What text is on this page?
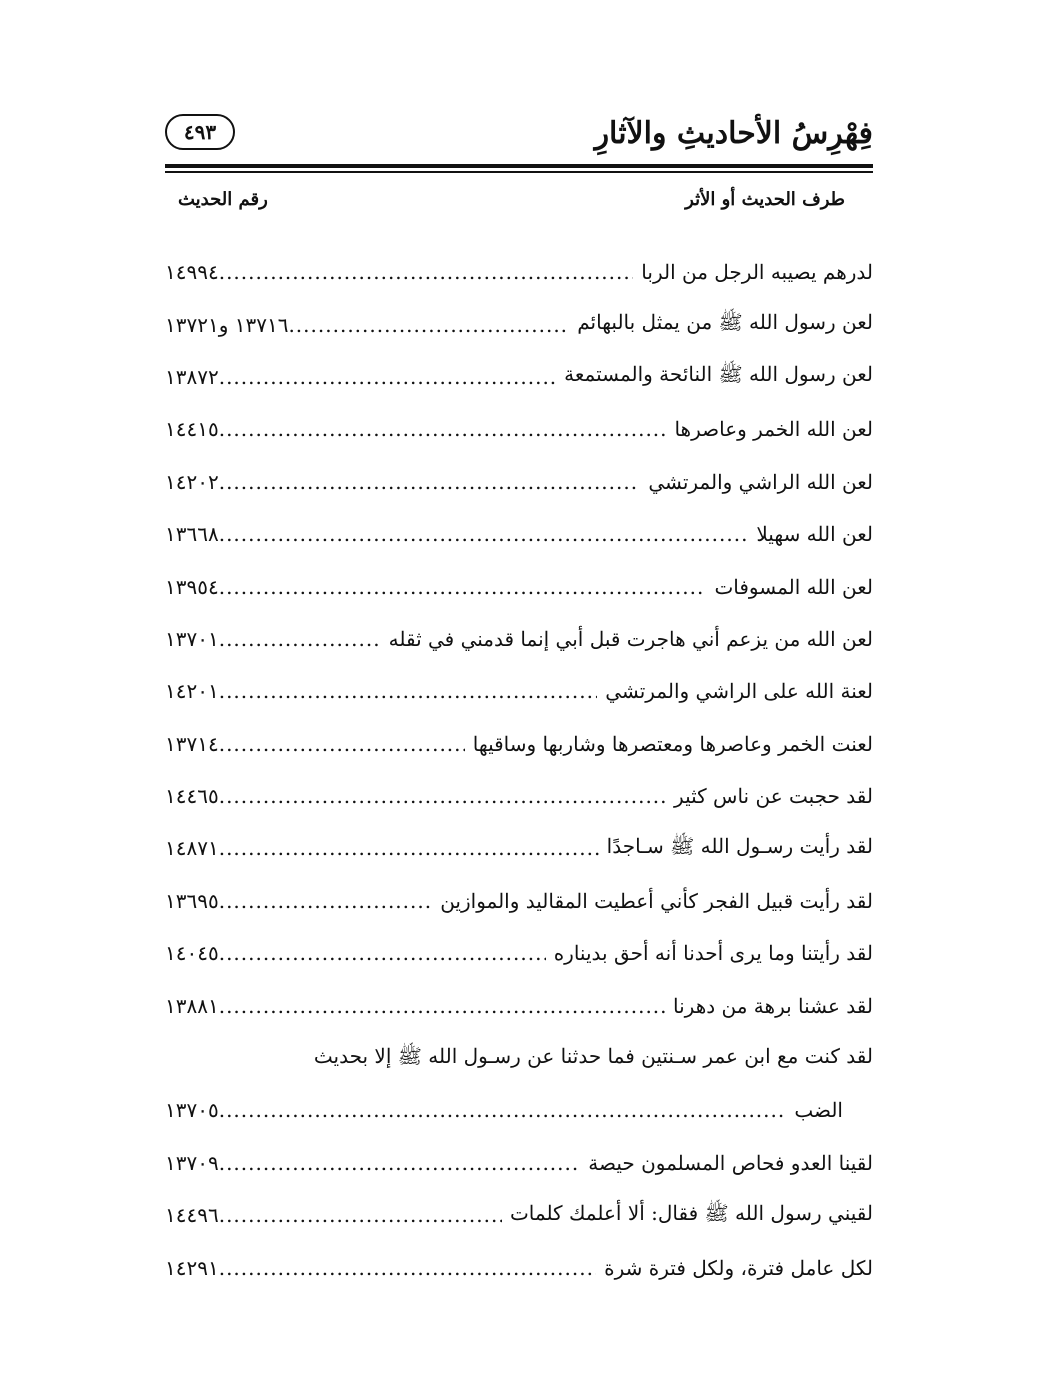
فِهْرِسُ الأحاديثِ والآثارِ
٤٩٣
طرف الحديث أو الأثر
رقم الحديث
لدرهم يصيبه الرجل من الربا
.....
١٤٩٩٤
لعن رسول الله ﷺ من يمثل بالبهائم
.....
١٣٧١٦ و١٣٧٢١
لعن رسول الله ﷺ النائحة والمستمعة
.....
١٣٨٧٢
لعن الله الخمر وعاصرها
.....
١٤٤١٥
لعن الله الراشي والمرتشي
.....
١٤٢٠٢
لعن الله سهيلا
.....
١٣٦٦٨
لعن الله المسوفات
.....
١٣٩٥٤
لعن الله من يزعم أني هاجرت قبل أبي إنما قدمني في ثقله
.....
١٣٧٠١
لعنة الله على الراشي والمرتشي
.....
١٤٢٠١
لعنت الخمر وعاصرها ومعتصرها وشاربها وساقيها
.....
١٣٧١٤
لقد حجبت عن ناس كثير
.....
١٤٤٦٥
لقد رأيت رسـول الله ﷺ سـاجدًا
.....
١٤٨٧١
لقد رأيت قبيل الفجر كأني أعطيت المقاليد والموازين
.....
١٣٦٩٥
لقد رأيتنا وما يرى أحدنا أنه أحق بديناره
.....
١٤٠٤٥
لقد عشنا برهة من دهرنا
.....
١٣٨٨١
لقد كنت مع ابن عمر سـنتين فما حدثنا عن رسـول الله ﷺ إلا بحديث
الضب
.....
١٣٧٠٥
لقينا العدو فحاص المسلمون حيصة
.....
١٣٧٠٩
لقيني رسول الله ﷺ فقال: ألا أعلمك كلمات
.....
١٤٤٩٦
لكل عامل فترة، ولكل فترة شرة
.....
١٤٢٩١
